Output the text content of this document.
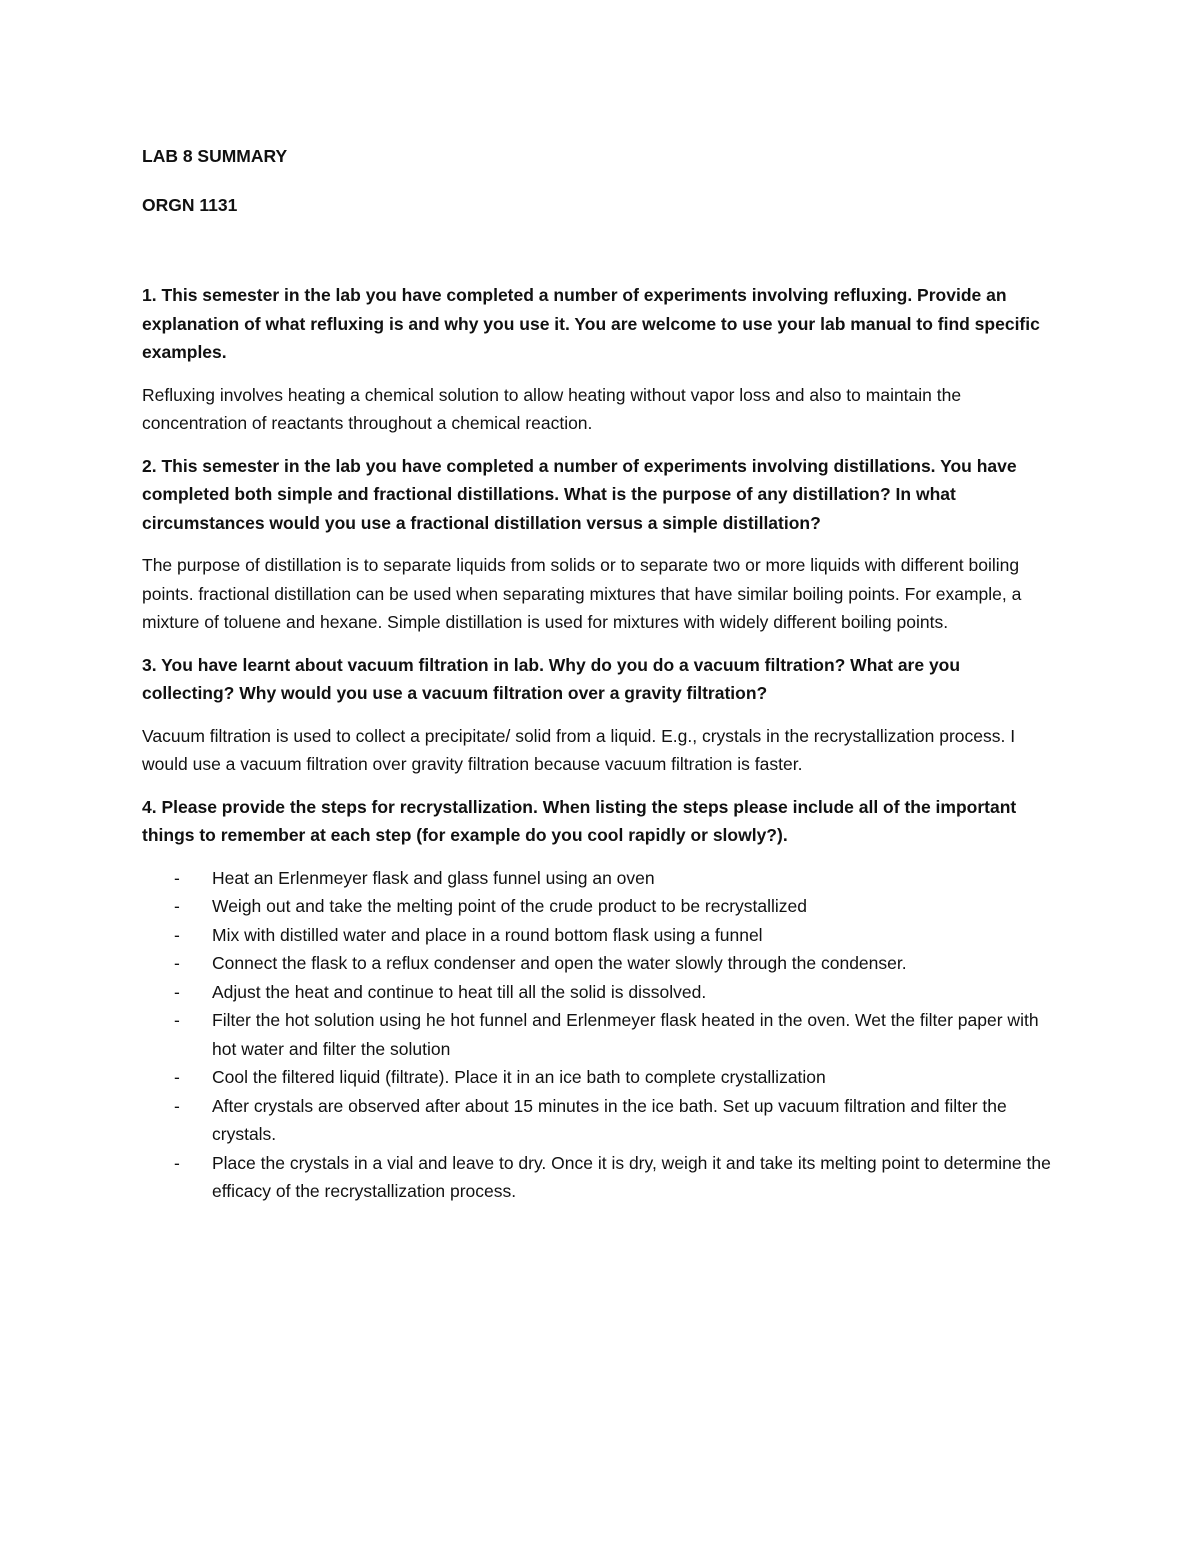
LAB 8 SUMMARY

ORGN 1131

1. This semester in the lab you have completed a number of experiments involving refluxing. Provide an explanation of what refluxing is and why you use it. You are welcome to use your lab manual to find specific examples.

Refluxing involves heating a chemical solution to allow heating without vapor loss and also to maintain the concentration of reactants throughout a chemical reaction.

2. This semester in the lab you have completed a number of experiments involving distillations. You have completed both simple and fractional distillations. What is the purpose of any distillation? In what circumstances would you use a fractional distillation versus a simple distillation?

The purpose of distillation is to separate liquids from solids or to separate two or more liquids with different boiling points. fractional distillation can be used when separating mixtures that have similar boiling points. For example, a mixture of toluene and hexane. Simple distillation is used for mixtures with widely different boiling points.

3. You have learnt about vacuum filtration in lab. Why do you do a vacuum filtration? What are you collecting? Why would you use a vacuum filtration over a gravity filtration?

Vacuum filtration is used to collect a precipitate/ solid from a liquid. E.g., crystals in the recrystallization process. I would use a vacuum filtration over gravity filtration because vacuum filtration is faster.

4. Please provide the steps for recrystallization. When listing the steps please include all of the important things to remember at each step (for example do you cool rapidly or slowly?).

- Heat an Erlenmeyer flask and glass funnel using an oven
- Weigh out and take the melting point of the crude product to be recrystallized
- Mix with distilled water and place in a round bottom flask using a funnel
- Connect the flask to a reflux condenser and open the water slowly through the condenser.
- Adjust the heat and continue to heat till all the solid is dissolved.
- Filter the hot solution using he hot funnel and Erlenmeyer flask heated in the oven. Wet the filter paper with hot water and filter the solution
- Cool the filtered liquid (filtrate). Place it in an ice bath to complete crystallization
- After crystals are observed after about 15 minutes in the ice bath. Set up vacuum filtration and filter the crystals.
- Place the crystals in a vial and leave to dry. Once it is dry, weigh it and take its melting point to determine the efficacy of the recrystallization process.
